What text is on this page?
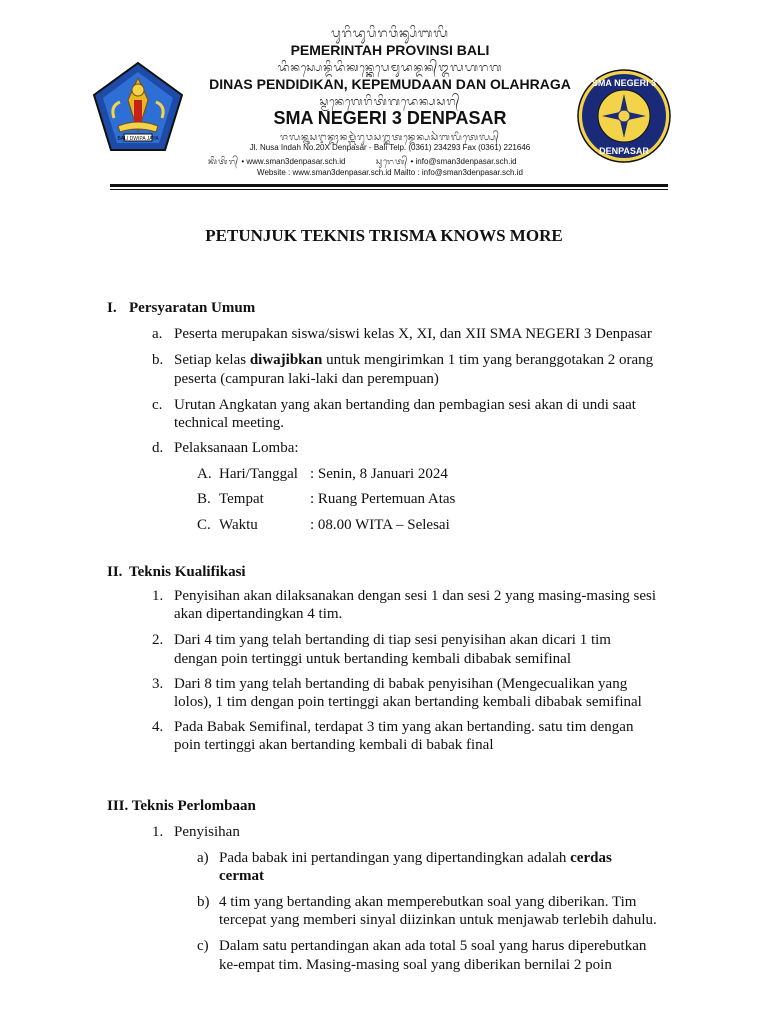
BALI DWIPA JAYA
ᬧᬸᬭᬶᬤᬸᬧᬶᬭᬯᬶᬦ᭄ᬲᬶᬩᬮᬶ
PEMERINTAH PROVINSI BALI
ᬤᬶᬦᬲ᭄ᬧᬾᬦ᭄ᬤᬶᬤᬶᬓᬦ᭄ᬓᬾᬧᬾᬫᬸᬤᬦ᭄ᬤᬦ᭄ᬑᬮᬳᬭᬕ
DINAS PENDIDIKAN, KEPEMUDAAN DAN OLAHRAGA
ᬲ᭄ᬫᬦᬾᬕᬾᬭᬶᬢᬶᬕᬤᬾᬦ᭄ᬧᬲᬭ᭄
SMA NEGERI 3 DENPASAR
ᬚᬮᬦ᭄ᬦᬸᬲᬇᬦ᭄ᬤᬄᬦᬫ᭄ᬩᬃᬭᬸᬯᬲᬗ᭄ᬓᬢᬦ᭄ᬤᬾᬦ᭄ᬧᬲᬃᬩᬮᬶᬢᬾᬮ᭄ᬧ᭄
Jl. Nusa Indah No.20X Denpasar - Bali Telp. (0361) 234293 Fax (0361) 221646
ᬓᬶᬢᬶᬭ᭄ • www.sman3denpasar.sch.id	ᬲᬸᬭᬾᬢ᭄ • info@sman3denpasar.sch.id
Website : www.sman3denpasar.sch.id Mailto : info@sman3denpasar.sch.id
SMA NEGERI 3
DENPASAR
PETUNJUK TEKNIS TRISMA KNOWS MORE
I. Persyaratan Umum
a. Peserta merupakan siswa/siswi kelas X, XI, dan XII SMA NEGERI 3 Denpasar
b. Setiap kelas diwajibkan untuk mengirimkan 1 tim yang beranggotakan 2 orang
peserta (campuran laki-laki dan perempuan)
c. Urutan Angkatan yang akan bertanding dan pembagian sesi akan di undi saat
technical meeting.
d. Pelaksanaan Lomba:
A. Hari/Tanggal : Senin, 8 Januari 2024
B. Tempat	: Ruang Pertemuan Atas
C. Waktu	: 08.00 WITA – Selesai
II. Teknis Kualifikasi
1. Penyisihan akan dilaksanakan dengan sesi 1 dan sesi 2 yang masing-masing sesi
akan dipertandingkan 4 tim.
2. Dari 4 tim yang telah bertanding di tiap sesi penyisihan akan dicari 1 tim
dengan poin tertinggi untuk bertanding kembali dibabak semifinal
3. Dari 8 tim yang telah bertanding di babak penyisihan (Mengecualikan yang
lolos), 1 tim dengan poin tertinggi akan bertanding kembali dibabak semifinal
4. Pada Babak Semifinal, terdapat 3 tim yang akan bertanding. satu tim dengan
poin tertinggi akan bertanding kembali di babak final
III. Teknis Perlombaan
1. Penyisihan
a) Pada babak ini pertandingan yang dipertandingkan adalah cerdas
cermat
b) 4 tim yang bertanding akan memperebutkan soal yang diberikan. Tim
tercepat yang memberi sinyal diizinkan untuk menjawab terlebih dahulu.
c) Dalam satu pertandingan akan ada total 5 soal yang harus diperebutkan
ke-empat tim. Masing-masing soal yang diberikan bernilai 2 poin
